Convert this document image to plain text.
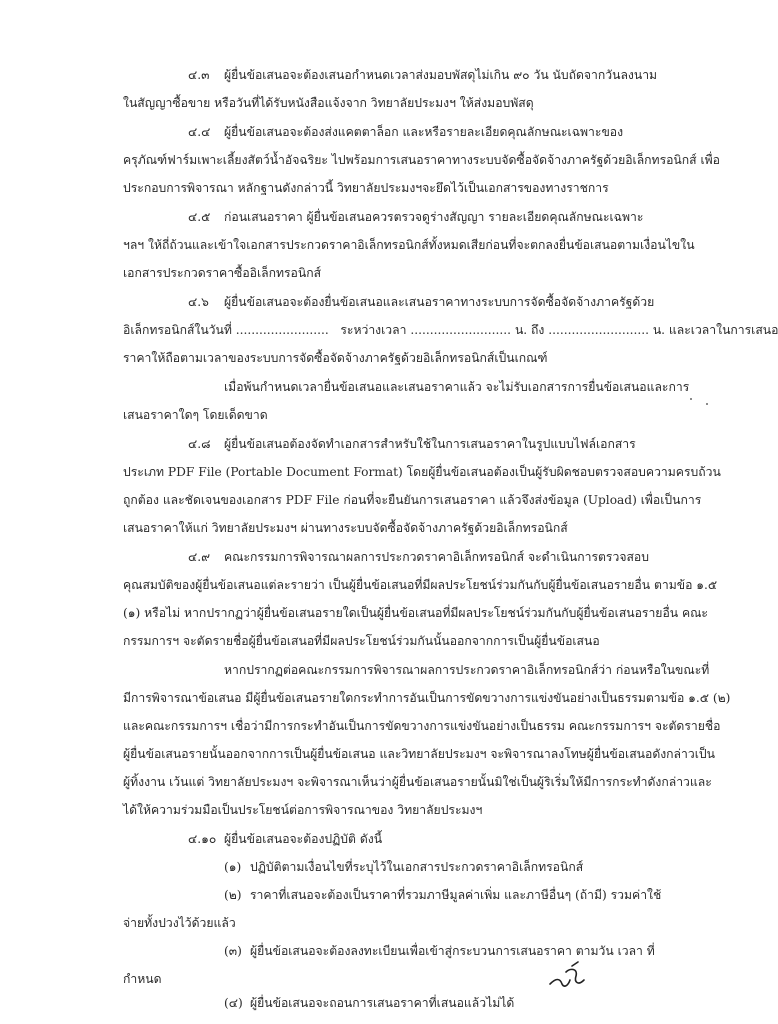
๔.๓ ผู้ยื่นข้อเสนอจะต้องเสนอกำหนดเวลาส่งมอบพัสดุไม่เกิน ๙๐ วัน นับถัดจากวันลงนาม
ในสัญญาซื้อขาย หรือวันที่ได้รับหนังสือแจ้งจาก วิทยาลัยประมงฯ ให้ส่งมอบพัสดุ
๔.๔ ผู้ยื่นข้อเสนอจะต้องส่งแคตตาล็อก และหรือรายละเอียดคุณลักษณะเฉพาะของ
ครุภัณฑ์ฟาร์มเพาะเลี้ยงสัตว์น้ำอัจฉริยะ ไปพร้อมการเสนอราคาทางระบบจัดซื้อจัดจ้างภาครัฐด้วยอิเล็กทรอนิกส์ เพื่อ
ประกอบการพิจารณา หลักฐานดังกล่าวนี้ วิทยาลัยประมงฯจะยึดไว้เป็นเอกสารของทางราชการ
๔.๕ ก่อนเสนอราคา ผู้ยื่นข้อเสนอควรตรวจดูร่างสัญญา รายละเอียดคุณลักษณะเฉพาะ
ฯลฯ ให้ถี่ถ้วนและเข้าใจเอกสารประกวดราคาอิเล็กทรอนิกส์ทั้งหมดเสียก่อนที่จะตกลงยื่นข้อเสนอตามเงื่อนไขใน
เอกสารประกวดราคาซื้ออิเล็กทรอนิกส์
๔.๖ ผู้ยื่นข้อเสนอจะต้องยื่นข้อเสนอและเสนอราคาทางระบบการจัดซื้อจัดจ้างภาครัฐด้วย
อิเล็กทรอนิกส์ในวันที่ ........................ ระหว่างเวลา .......................... น. ถึง .......................... น. และเวลาในการเสนอ
ราคาให้ถือตามเวลาของระบบการจัดซื้อจัดจ้างภาครัฐด้วยอิเล็กทรอนิกส์เป็นเกณฑ์
เมื่อพ้นกำหนดเวลายื่นข้อเสนอและเสนอราคาแล้ว จะไม่รับเอกสารการยื่นข้อเสนอและการ
เสนอราคาใดๆ โดยเด็ดขาด
๔.๘ ผู้ยื่นข้อเสนอต้องจัดทำเอกสารสำหรับใช้ในการเสนอราคาในรูปแบบไฟล์เอกสาร
ประเภท PDF File (Portable Document Format) โดยผู้ยื่นข้อเสนอต้องเป็นผู้รับผิดชอบตรวจสอบความครบถ้วน
ถูกต้อง และชัดเจนของเอกสาร PDF File ก่อนที่จะยืนยันการเสนอราคา แล้วจึงส่งข้อมูล (Upload) เพื่อเป็นการ
เสนอราคาให้แก่ วิทยาลัยประมงฯ ผ่านทางระบบจัดซื้อจัดจ้างภาครัฐด้วยอิเล็กทรอนิกส์
๔.๙ คณะกรรมการพิจารณาผลการประกวดราคาอิเล็กทรอนิกส์ จะดำเนินการตรวจสอบ
คุณสมบัติของผู้ยื่นข้อเสนอแต่ละรายว่า เป็นผู้ยื่นข้อเสนอที่มีผลประโยชน์ร่วมกันกับผู้ยื่นข้อเสนอรายอื่น ตามข้อ ๑.๕
(๑) หรือไม่ หากปรากฏว่าผู้ยื่นข้อเสนอรายใดเป็นผู้ยื่นข้อเสนอที่มีผลประโยชน์ร่วมกันกับผู้ยื่นข้อเสนอรายอื่น คณะ
กรรมการฯ จะตัดรายชื่อผู้ยื่นข้อเสนอที่มีผลประโยชน์ร่วมกันนั้นออกจากการเป็นผู้ยื่นข้อเสนอ
หากปรากฏต่อคณะกรรมการพิจารณาผลการประกวดราคาอิเล็กทรอนิกส์ว่า ก่อนหรือในขณะที่
มีการพิจารณาข้อเสนอ มีผู้ยื่นข้อเสนอรายใดกระทำการอันเป็นการขัดขวางการแข่งขันอย่างเป็นธรรมตามข้อ ๑.๕ (๒)
และคณะกรรมการฯ เชื่อว่ามีการกระทำอันเป็นการขัดขวางการแข่งขันอย่างเป็นธรรม คณะกรรมการฯ จะตัดรายชื่อ
ผู้ยื่นข้อเสนอรายนั้นออกจากการเป็นผู้ยื่นข้อเสนอ และวิทยาลัยประมงฯ จะพิจารณาลงโทษผู้ยื่นข้อเสนอดังกล่าวเป็น
ผู้ทิ้งงาน เว้นแต่ วิทยาลัยประมงฯ จะพิจารณาเห็นว่าผู้ยื่นข้อเสนอรายนั้นมิใช่เป็นผู้ริเริ่มให้มีการกระทำดังกล่าวและ
ได้ให้ความร่วมมือเป็นประโยชน์ต่อการพิจารณาของ วิทยาลัยประมงฯ
๔.๑๐ ผู้ยื่นข้อเสนอจะต้องปฏิบัติ ดังนี้
(๑) ปฏิบัติตามเงื่อนไขที่ระบุไว้ในเอกสารประกวดราคาอิเล็กทรอนิกส์
(๒) ราคาที่เสนอจะต้องเป็นราคาที่รวมภาษีมูลค่าเพิ่ม และภาษีอื่นๆ (ถ้ามี) รวมค่าใช้
จ่ายทั้งปวงไว้ด้วยแล้ว
(๓) ผู้ยื่นข้อเสนอจะต้องลงทะเบียนเพื่อเข้าสู่กระบวนการเสนอราคา ตามวัน เวลา ที่
กำหนด
(๔) ผู้ยื่นข้อเสนอจะถอนการเสนอราคาที่เสนอแล้วไม่ได้
